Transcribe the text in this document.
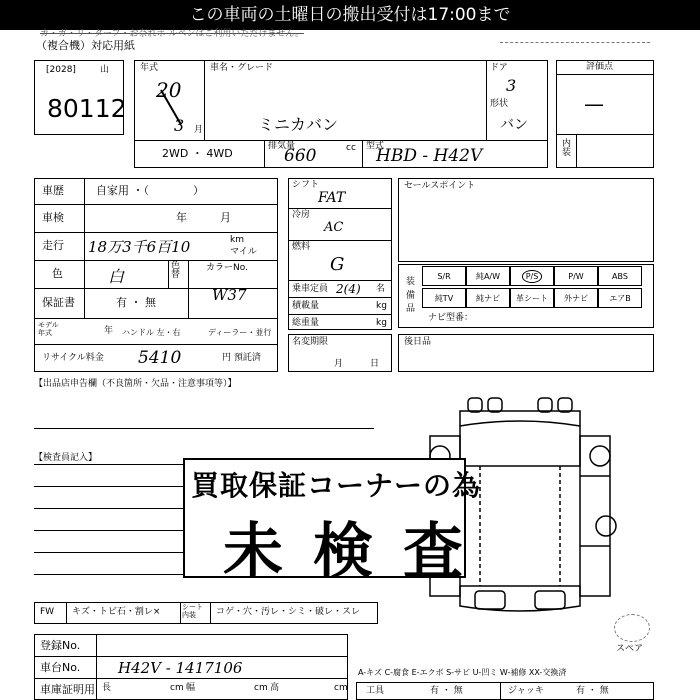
この車両の土曜日の搬出受付は17:00まで
カ・ガ・リ・ターフ・お奈れホ ルペンはご利用いただけません。
（複合機）対応用紙
[2028]	山
80112
年式
20
3 月
車名・グレード
ミニカバン
ドア
3
形状
バン
2WD ・ 4WD
排気量
660	cc 型式
HBD - H42V
評価点
—
内装
車歴	自家用 ・（　　　　）
車検	年　　　月
走行 18万3千6百10	km
マイル
色	白
色替
カラーNo.
W37
保証書	有 ・ 無
モデル年式	年 ハンドル 左・右	ディーラー・並行
リサイクル料金 5410	円 預託済
シフト
FAT
冷房
AC
燃料
G
乗車定員 2(4) 名
積載量	kg
総重量	kg
名変期限
月　　　日
セールスポイント
装備品
S/R	純A/W	P/S	P/W	ABS
純TV	純ナビ	革シート	外ナビ	エアB
ナビ型番：
後日品
【出品店申告欄（不良箇所・欠品・注意事項等）】
【検査員記入】
買取保証コーナーの為
未検査
FW キズ・トビ石・割レ×	シート内装	コゲ・穴・汚レ・シミ・破レ・スレ
スペア
登録No.
車台No.	H42V - 1417106
車庫証明用 長	cm 幅	cm 高	cm
A-キズ C-腐食 E-エクボ S-サビ U-凹ミ W-補修 XX-交換済
工具	有 ・ 無	ジャッキ	有 ・ 無
